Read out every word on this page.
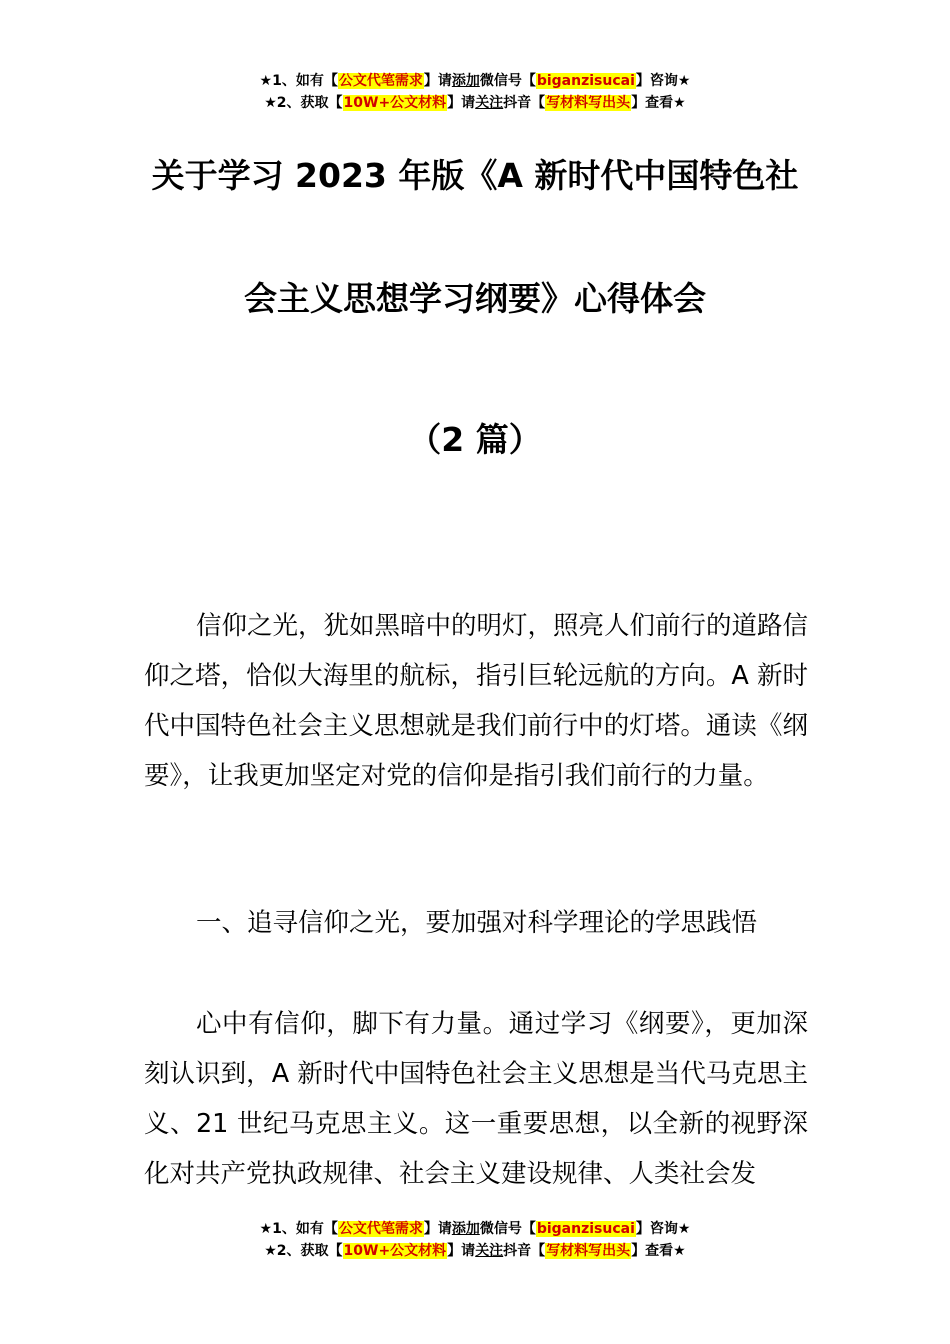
★1、如有【公文代笔需求】请添加微信号【biganzisucai】咨询★
★2、获取【10W+公文材料】请关注抖音【写材料写出头】查看★
关于学习 2023 年版《A 新时代中国特色社
会主义思想学习纲要》心得体会
（2 篇）
信仰之光，犹如黑暗中的明灯，照亮人们前行的道路信仰之塔，恰似大海里的航标，指引巨轮远航的方向。A 新时代中国特色社会主义思想就是我们前行中的灯塔。通读《纲要》，让我更加坚定对党的信仰是指引我们前行的力量。
一、追寻信仰之光，要加强对科学理论的学思践悟
心中有信仰，脚下有力量。通过学习《纲要》，更加深刻认识到，A 新时代中国特色社会主义思想是当代马克思主义、21 世纪马克思主义。这一重要思想，以全新的视野深化对共产党执政规律、社会主义建设规律、人类社会发
★1、如有【公文代笔需求】请添加微信号【biganzisucai】咨询★
★2、获取【10W+公文材料】请关注抖音【写材料写出头】查看★
